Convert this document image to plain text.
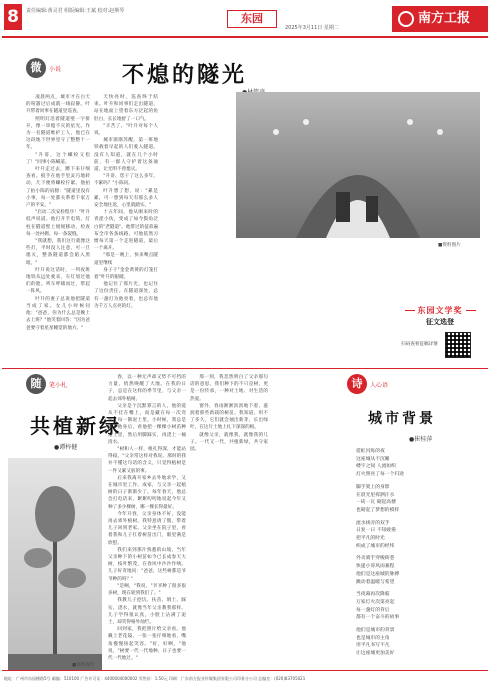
8	责任编辑:黄灵君 组版编辑:王斌 校对:赵斯琴
东园
2025年3月11日 星期二
南方工报
微	小说	不熄的隧光

凌晨两点，城市才在白天的喧嚣过后成就一线寂静。叶升带着同事在隧道里巡查，

照明灯沿着隧道壁一字排开，像一串熄不灭的星光。作为一名隧道维护工人，他已在这段地下世界里守了整整十一年。

"升哥，这个螺栓又松了！"同事小陈喊道。

叶升走过去，蹲下来仔细查看。扳手在他手里灵巧地转动，几下便将螺栓拧紧。他拍了拍小陈的肩膀："隧道里没有小事，每一处都关系着千家万户的平安。"

"启动二次安检程序！"叶升低声说道。他打开手电筒，灯柱在隧道壁上缓缓移动，检查每一处衬砌、每一条裂缝。

"我就想，我们这行就像这些灯，平时没人注意，可一旦熄灭，整条隧道都会陷入黑暗。"

叶升说这话时，一列夜班地铁从远处驶来，车灯划过他们的脸。列车呼啸而过，带起一阵风。

叶升的妻子总说他把隧道当成了家。女儿小时候问他："爸爸，你为什么总是晚上去上班？"他笑着回答："因为爸爸要守着星星睡觉的地方。"

天快亮时，巡查终于结束。叶升和同事们走出隧道，站在地面上望着东方泛起的鱼肚白，长长地舒了一口气。

"辛苦了。"叶升对每个人说。

城市渐渐苏醒，第一班地铁载着早起的人们驶入隧道。没有人知道，就在几个小时前，有一群人守护着这条通道，让光明不曾熄灭。

"升哥，您干了这么多年，不累吗？"小陈问。

叶升想了想，说："累是累，可一想到每天有那么多人安全地往返，心里就踏实。"

十五年间，他从刚来时的青涩小伙，变成了如今鬓角泛白的"老隧道"。他带过的徒弟遍布全市各条线路，可他依然习惯每天第一个走进隧道，最后一个离开。

"那是一晚上，快来噢点隧道里继续

身子干"金金黄黄的灯笼打着"叶升的眼睛。

他记住了那片光，也记住了这份责任。在隧道深处，总有一盏灯为他亮着，也总有他为千万人点亮的灯。

■资料图片
东园文学奖
征文选登
扫码查看征稿详情
随	笔小札
共植新绿
●谭梓健
■资料图片

春，以一种无声却又势不可挡的力量，悄然唤醒了大地。在我的日子，总是在这样的季节里，与父亲一起去郊外植树。

父亲是个沉默寡言的人，他的爱从不挂在嘴上，而是藏在每一次弯腰、每一锹泥土里。小时候，我总是跟在他身后，看他把一棵棵小树苗种进土里，然后用脚踩实，再浇上一桶清水。

"树和人一样，根扎得深，才能站得稳。"父亲常这样对我说。那时的我并不懂这句话的含义，只觉得植树是一件又累又脏的事。

后来我离开家乡去外地求学，又在城市里工作、成家，与父亲一起植树的日子渐渐少了。每年春天，他总会打电话来，絮絮叨叨地说起今年又种了多少棵树，哪一棵长得最好。

今年开春，父亲身体不好，没能再去郊外植树。我特意请了假，带着儿子回到老家。父亲坐在院子里，看着我和儿子扛着树苗出门，眼里满是欣慰。

我们来到那片熟悉的山坡，当年父亲种下的小树苗如今已长成参天大树，枝叶繁茂，在春风中沙沙作响。儿子好奇地问："爸爸，这些树都是爷爷种的吗？"

"是啊，"我说，"爷爷种了很多很多树，现在轮到我们了。"

我教儿子挖坑、扶苗、填土、踩实、浇水，就像当年父亲教我那样。儿子学得很认真，小脸上沾满了泥土，却笑得格外灿烂。

回到家，我把照片给父亲看。他戴上老花镜，一张一张仔细地看，嘴角慢慢扬起笑容。"好，好啊，"他说，"树要一代一代地种，日子也要一代一代地过。"

那一刻，我忽然明白了父亲那句话的意思。我们种下的不只是树，更是一份传承，一种对土地、对生活的热爱。

窗外，春雨淅淅沥沥地下着，滋润着那些新栽的树苗。我知道，用不了多久，它们就会抽出新芽，长出绿叶，在这片土地上扎下深深的根。

就像父亲，就像我，就像我的儿子。一代又一代，共植新绿，共守家园。

诗	人心语
城市背景
●崔桂萍
霓虹闪烁的夜
这座城从不沉睡
楼宇之间 人流如织
灯火照亮了每一个归途
脚手架上的身影
在晨光里挥洒汗水
一砖一瓦 砌起高楼
也砌起了梦想的模样
流水线旁的双手
日复一日 不知疲倦
把平凡的时光
织成了城市的经纬
外卖骑手穿梭街巷
快递小哥风雨兼程
他们是这座城的脉搏
跳动着温暖与希望
当夜幕再次降临
万家灯火次第亮起
每一盏灯的背后
都有一个奋斗的故事
他们是城市的背景
也是城市的主角
用平凡书写不凡
让这座城更加美好
地址：广州市东园横路5号 邮编：510100 广告许可证：4400004000002 零售价：1.50元 印刷：广东南方报业传媒集团有限公司印务分公司 总编室：(020)83705021
